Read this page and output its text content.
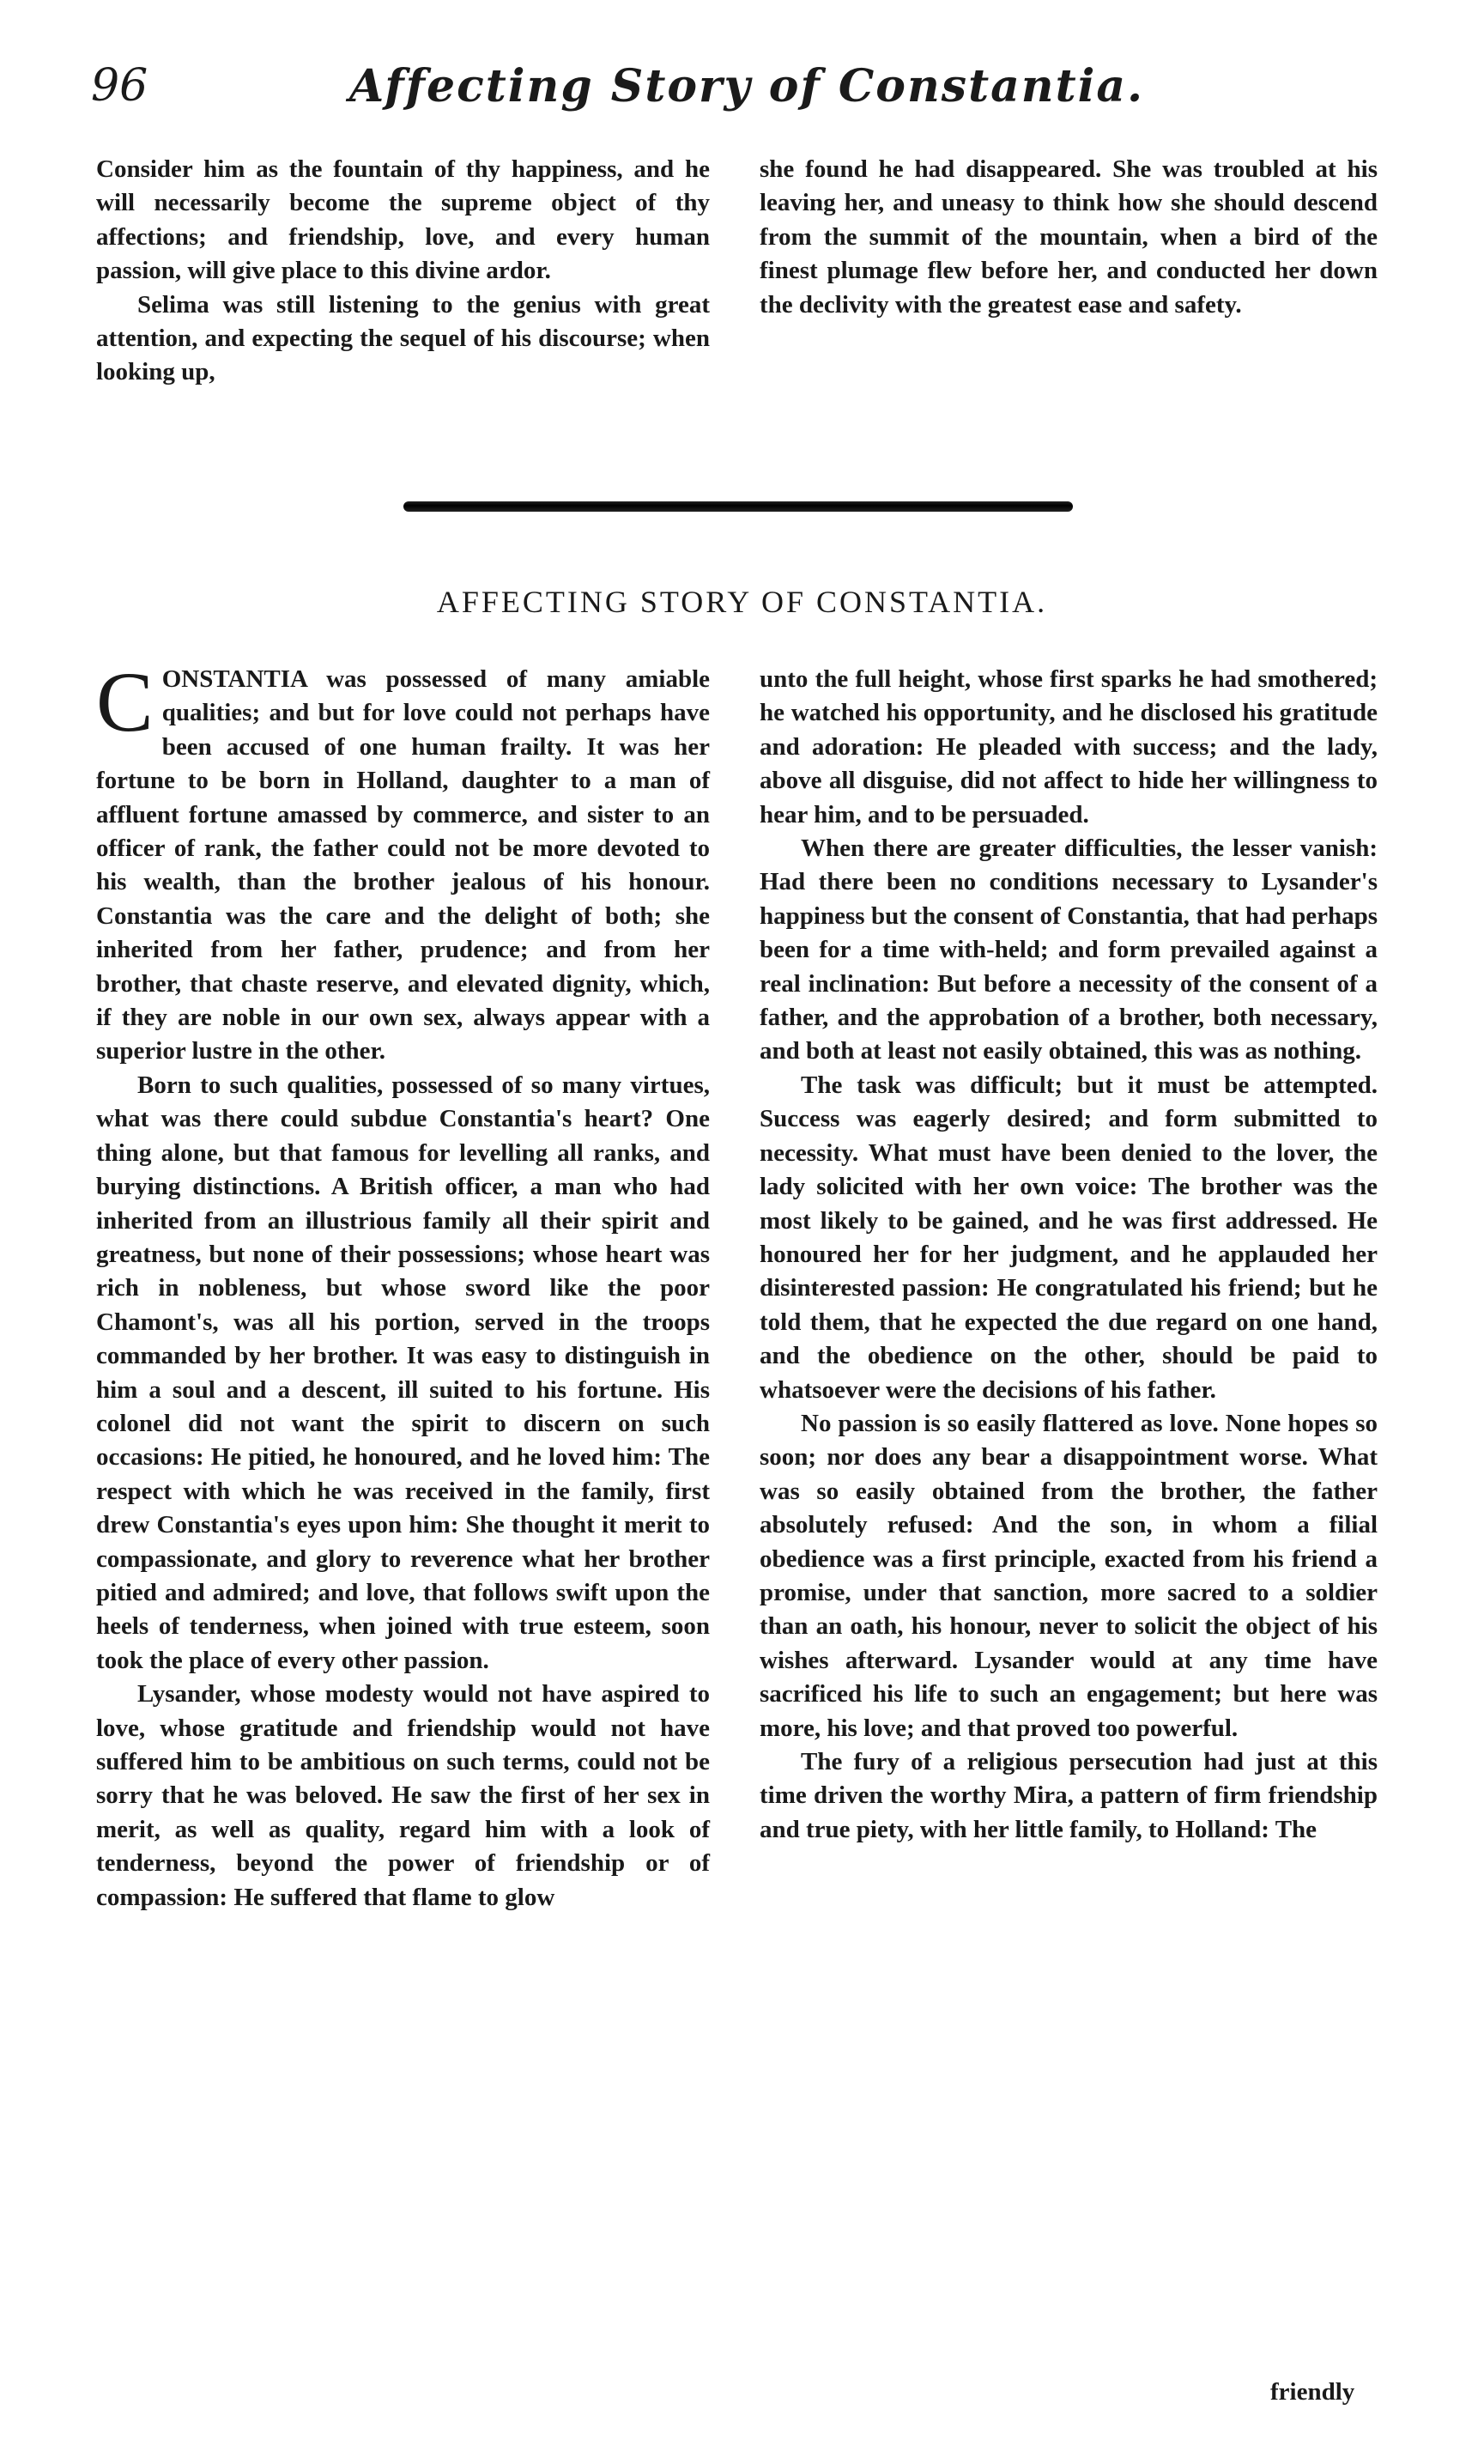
96	Affecting Story of Constantia.

Consider him as the fountain of thy happiness, and he will necessarily become the supreme object of thy affections; and friendship, love, and every human passion, will give place to this divine ardor.

Selima was still listening to the genius with great attention, and expecting the sequel of his discourse; when looking up,

she found he had disappeared. She was troubled at his leaving her, and uneasy to think how she should descend from the summit of the mountain, when a bird of the finest plumage flew before her, and conducted her down the declivity with the greatest ease and safety.

AFFECTING STORY OF CONSTANTIA.

CONSTANTIA was possessed of many amiable qualities; and but for love could not perhaps have been accused of one human frailty. It was her fortune to be born in Holland, daughter to a man of affluent fortune amassed by commerce, and sister to an officer of rank, the father could not be more devoted to his wealth, than the brother jealous of his honour. Constantia was the care and the delight of both; she inherited from her father, prudence; and from her brother, that chaste reserve, and elevated dignity, which, if they are noble in our own sex, always appear with a superior lustre in the other.

Born to such qualities, possessed of so many virtues, what was there could subdue Constantia's heart? One thing alone, but that famous for levelling all ranks, and burying distinctions. A British officer, a man who had inherited from an illustrious family all their spirit and greatness, but none of their possessions; whose heart was rich in nobleness, but whose sword like the poor Chamont's, was all his portion, served in the troops commanded by her brother. It was easy to distinguish in him a soul and a descent, ill suited to his fortune. His colonel did not want the spirit to discern on such occasions: He pitied, he honoured, and he loved him: The respect with which he was received in the family, first drew Constantia's eyes upon him: She thought it merit to compassionate, and glory to reverence what her brother pitied and admired; and love, that follows swift upon the heels of tenderness, when joined with true esteem, soon took the place of every other passion.

Lysander, whose modesty would not have aspired to love, whose gratitude and friendship would not have suffered him to be ambitious on such terms, could not be sorry that he was beloved. He saw the first of her sex in merit, as well as quality, regard him with a look of tenderness, beyond the power of friendship or of compassion: He suffered that flame to glow

unto the full height, whose first sparks he had smothered; he watched his opportunity, and he disclosed his gratitude and adoration: He pleaded with success; and the lady, above all disguise, did not affect to hide her willingness to hear him, and to be persuaded.

When there are greater difficulties, the lesser vanish: Had there been no conditions necessary to Lysander's happiness but the consent of Constantia, that had perhaps been for a time with-held; and form prevailed against a real inclination: But before a necessity of the consent of a father, and the approbation of a brother, both necessary, and both at least not easily obtained, this was as nothing.

The task was difficult; but it must be attempted. Success was eagerly desired; and form submitted to necessity. What must have been denied to the lover, the lady solicited with her own voice: The brother was the most likely to be gained, and he was first addressed. He honoured her for her judgment, and he applauded her disinterested passion: He congratulated his friend; but he told them, that he expected the due regard on one hand, and the obedience on the other, should be paid to whatsoever were the decisions of his father.

No passion is so easily flattered as love. None hopes so soon; nor does any bear a disappointment worse. What was so easily obtained from the brother, the father absolutely refused: And the son, in whom a filial obedience was a first principle, exacted from his friend a promise, under that sanction, more sacred to a soldier than an oath, his honour, never to solicit the object of his wishes afterward. Lysander would at any time have sacrificed his life to such an engagement; but here was more, his love; and that proved too powerful.

The fury of a religious persecution had just at this time driven the worthy Mira, a pattern of firm friendship and true piety, with her little family, to Holland: The

friendly
